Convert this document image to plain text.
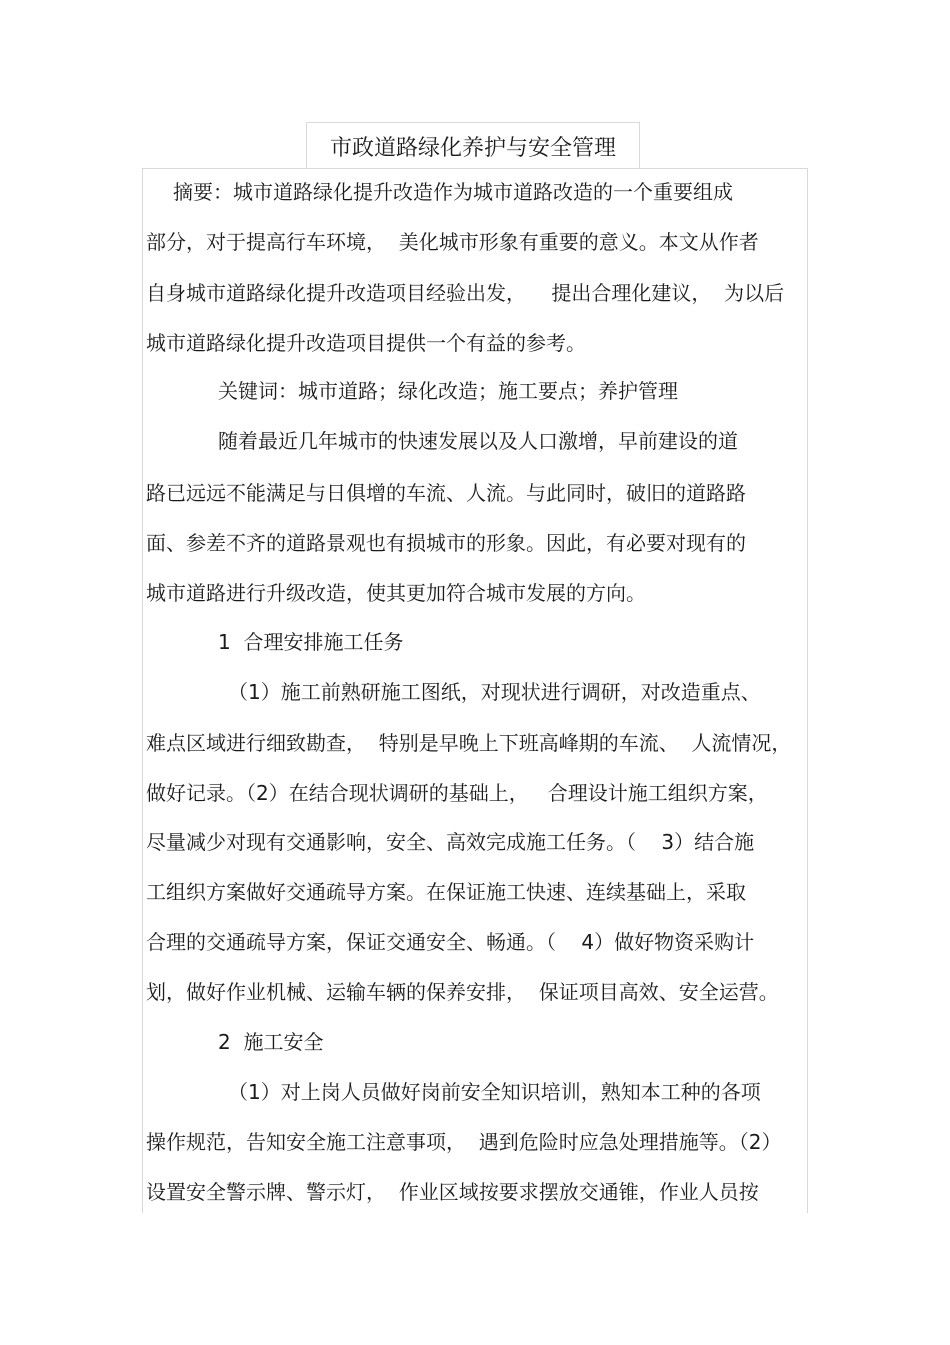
市政道路绿化养护与安全管理
摘要：城市道路绿化提升改造作为城市道路改造的一个重要组成
部分，对于提高行车环境，  美化城市形象有重要的意义。本文从作者
自身城市道路绿化提升改造项目经验出发，    提出合理化建议，  为以后
城市道路绿化提升改造项目提供一个有益的参考。
关键词：城市道路；绿化改造；施工要点；养护管理
随着最近几年城市的快速发展以及人口激增，早前建设的道
路已远远不能满足与日俱增的车流、人流。与此同时，破旧的道路路
面、参差不齐的道路景观也有损城市的形象。因此，有必要对现有的
城市道路进行升级改造，使其更加符合城市发展的方向。
1  合理安排施工任务
（1）施工前熟研施工图纸，对现状进行调研，对改造重点、
难点区域进行细致勘查，  特别是早晚上下班高峰期的车流、  人流情况，
做好记录。（2）在结合现状调研的基础上，   合理设计施工组织方案，
尽量减少对现有交通影响，安全、高效完成施工任务。（    3）结合施
工组织方案做好交通疏导方案。在保证施工快速、连续基础上，采取
合理的交通疏导方案，保证交通安全、畅通。（    4）做好物资采购计
划，做好作业机械、运输车辆的保养安排，  保证项目高效、安全运营。
2  施工安全
（1）对上岗人员做好岗前安全知识培训，熟知本工种的各项
操作规范，告知安全施工注意事项，  遇到危险时应急处理措施等。（2）
设置安全警示牌、警示灯，  作业区域按要求摆放交通锥，作业人员按
